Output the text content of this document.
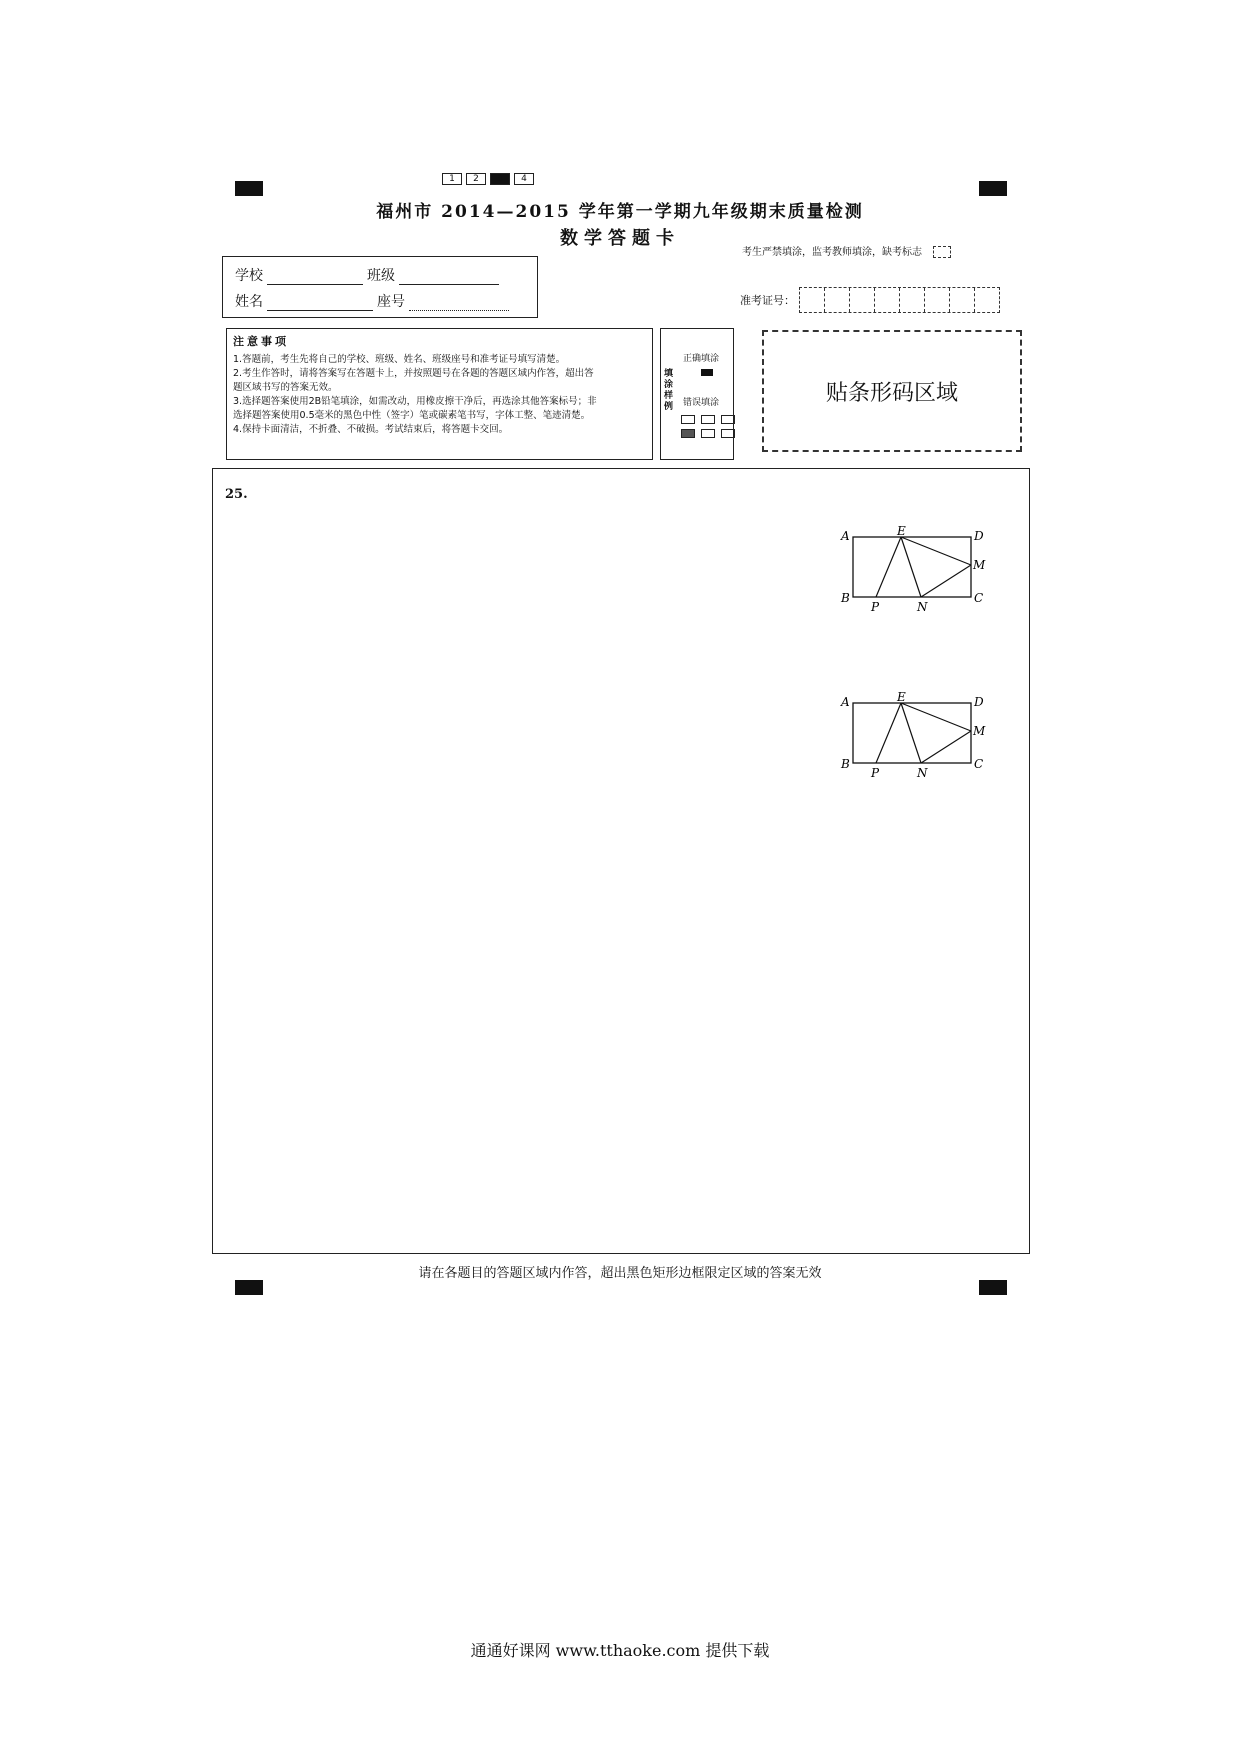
1	2	3	4
福州市 2014—2015 学年第一学期九年级期末质量检测
数学答题卡
考生严禁填涂，监考教师填涂，缺考标志
学校	班级
姓名	座号	准考证号：
注意事项

1.答题前，考生先将自己的学校、班级、姓名、班级座号和准考证号填写清楚。

2.考生作答时，请将答案写在答题卡上，并按照题号在各题的答题区域内作答，超出答

题区域书写的答案无效。

3.选择题答案使用2B铅笔填涂，如需改动，用橡皮擦干净后，再选涂其他答案标号；非

选择题答案使用0.5毫米的黑色中性（签字）笔或碳素笔书写，字体工整、笔迹清楚。

4.保持卡面清洁，不折叠、不破损。考试结束后，将答题卡交回。

填涂样例
正确填涂
错误填涂	贴条形码区域
25.
A	E	D
M
B
P	N
C
A	E	D
M
B
P	N
C
请在各题目的答题区域内作答，超出黑色矩形边框限定区域的答案无效
通通好课网 www.tthaoke.com 提供下载
